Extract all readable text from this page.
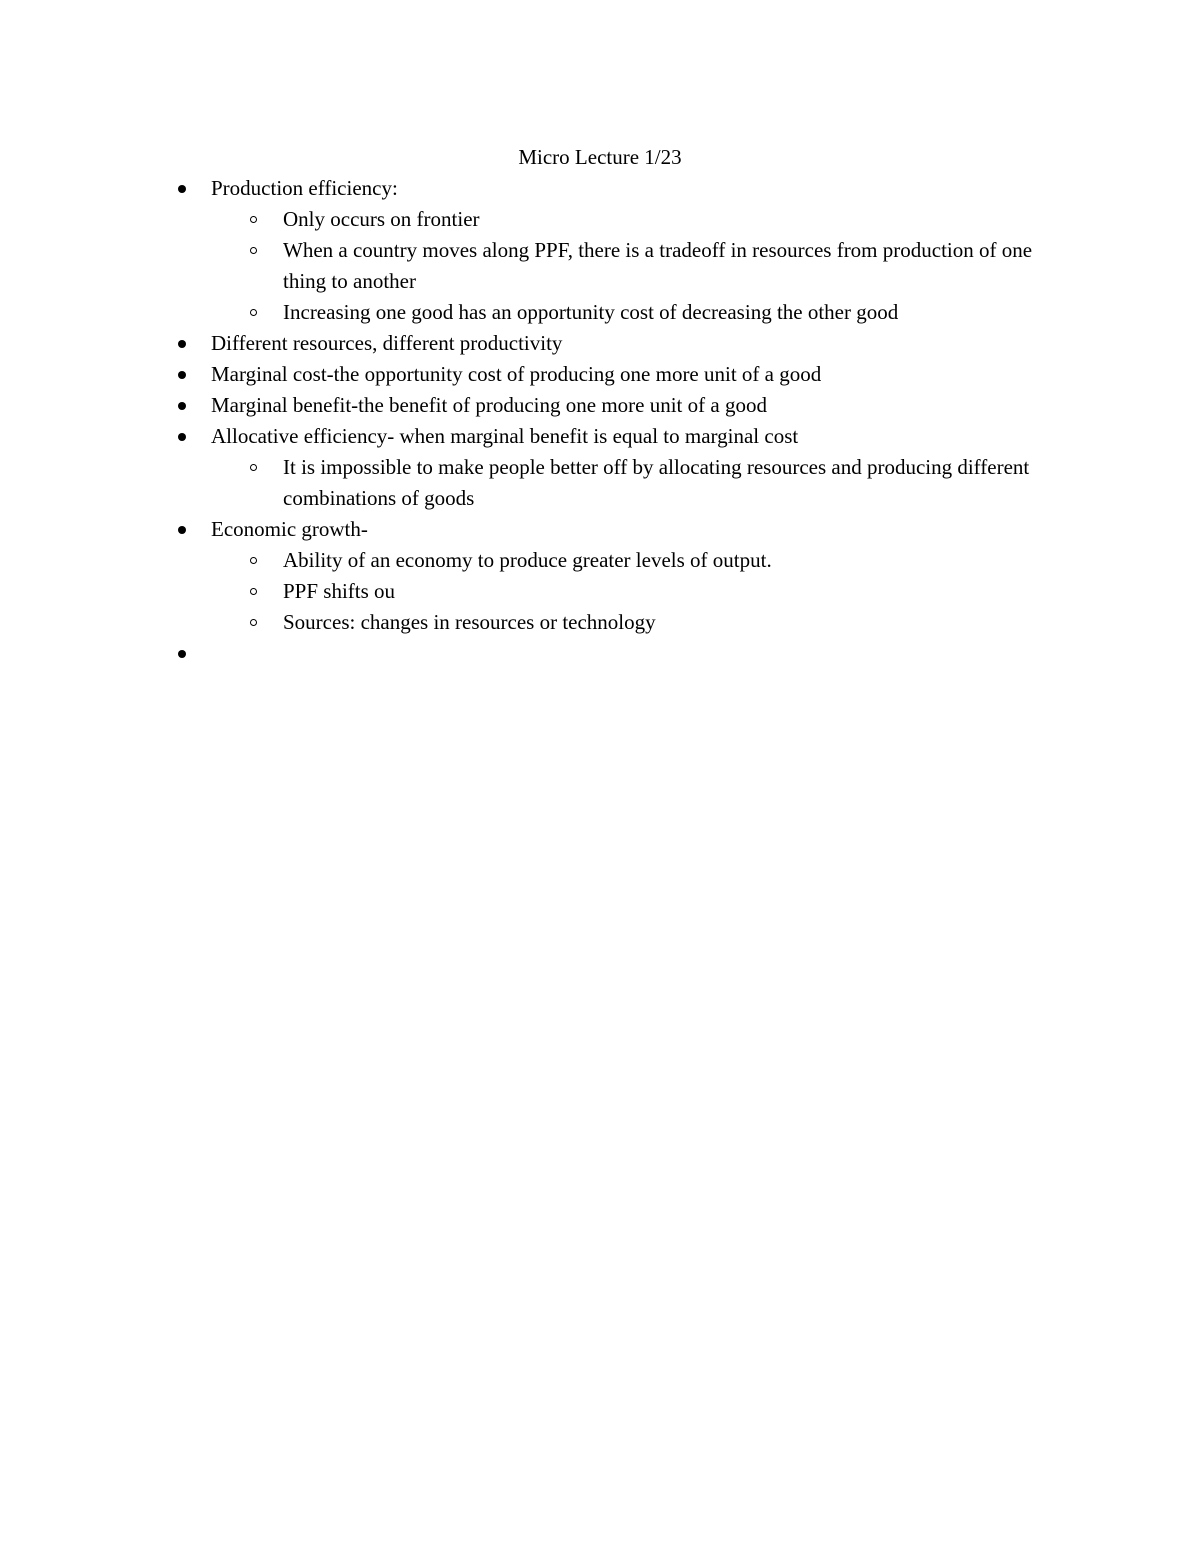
Micro Lecture 1/23
Production efficiency:
Only occurs on frontier
When a country moves along PPF, there is a tradeoff in resources from production of one thing to another
Increasing one good has an opportunity cost of decreasing the other good
Different resources, different productivity
Marginal cost-the opportunity cost of producing one more unit of a good
Marginal benefit-the benefit of producing one more unit of a good
Allocative efficiency- when marginal benefit is equal to marginal cost
It is impossible to make people better off by allocating resources and producing different combinations of goods
Economic growth-
Ability of an economy to produce greater levels of output.
PPF shifts ou
Sources: changes in resources or technology
